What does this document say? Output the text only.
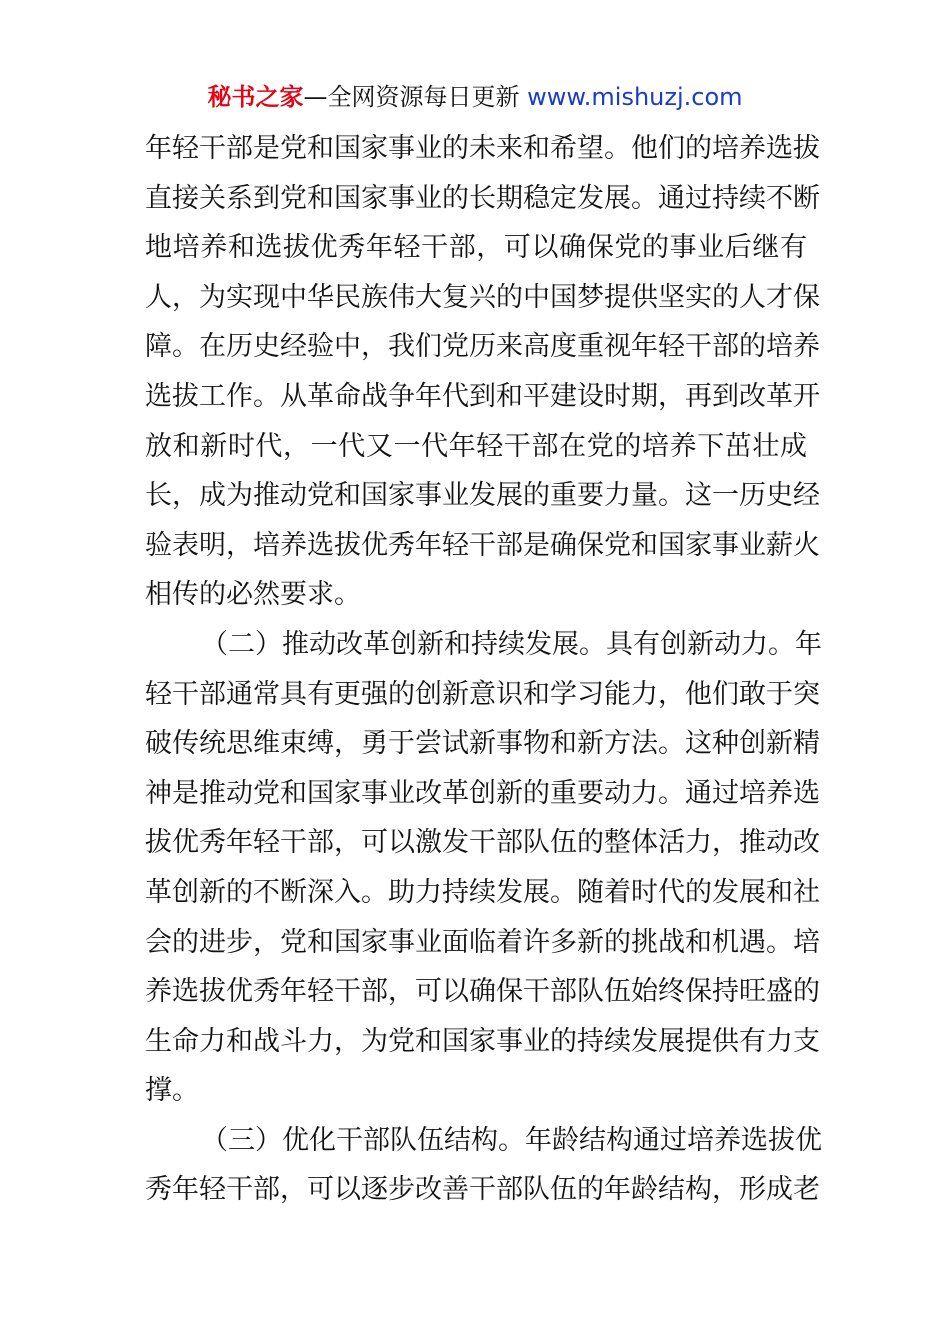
秘书之家—全网资源每日更新 www.mishuzj.com
年轻干部是党和国家事业的未来和希望。他们的培养选拔
直接关系到党和国家事业的长期稳定发展。通过持续不断
地培养和选拔优秀年轻干部，可以确保党的事业后继有
人，为实现中华民族伟大复兴的中国梦提供坚实的人才保
障。在历史经验中，我们党历来高度重视年轻干部的培养
选拔工作。从革命战争年代到和平建设时期，再到改革开
放和新时代，一代又一代年轻干部在党的培养下茁壮成
长，成为推动党和国家事业发展的重要力量。这一历史经
验表明，培养选拔优秀年轻干部是确保党和国家事业薪火
相传的必然要求。
（二）推动改革创新和持续发展。具有创新动力。年
轻干部通常具有更强的创新意识和学习能力，他们敢于突
破传统思维束缚，勇于尝试新事物和新方法。这种创新精
神是推动党和国家事业改革创新的重要动力。通过培养选
拔优秀年轻干部，可以激发干部队伍的整体活力，推动改
革创新的不断深入。助力持续发展。随着时代的发展和社
会的进步，党和国家事业面临着许多新的挑战和机遇。培
养选拔优秀年轻干部，可以确保干部队伍始终保持旺盛的
生命力和战斗力，为党和国家事业的持续发展提供有力支
撑。
（三）优化干部队伍结构。年龄结构通过培养选拔优
秀年轻干部，可以逐步改善干部队伍的年龄结构，形成老
